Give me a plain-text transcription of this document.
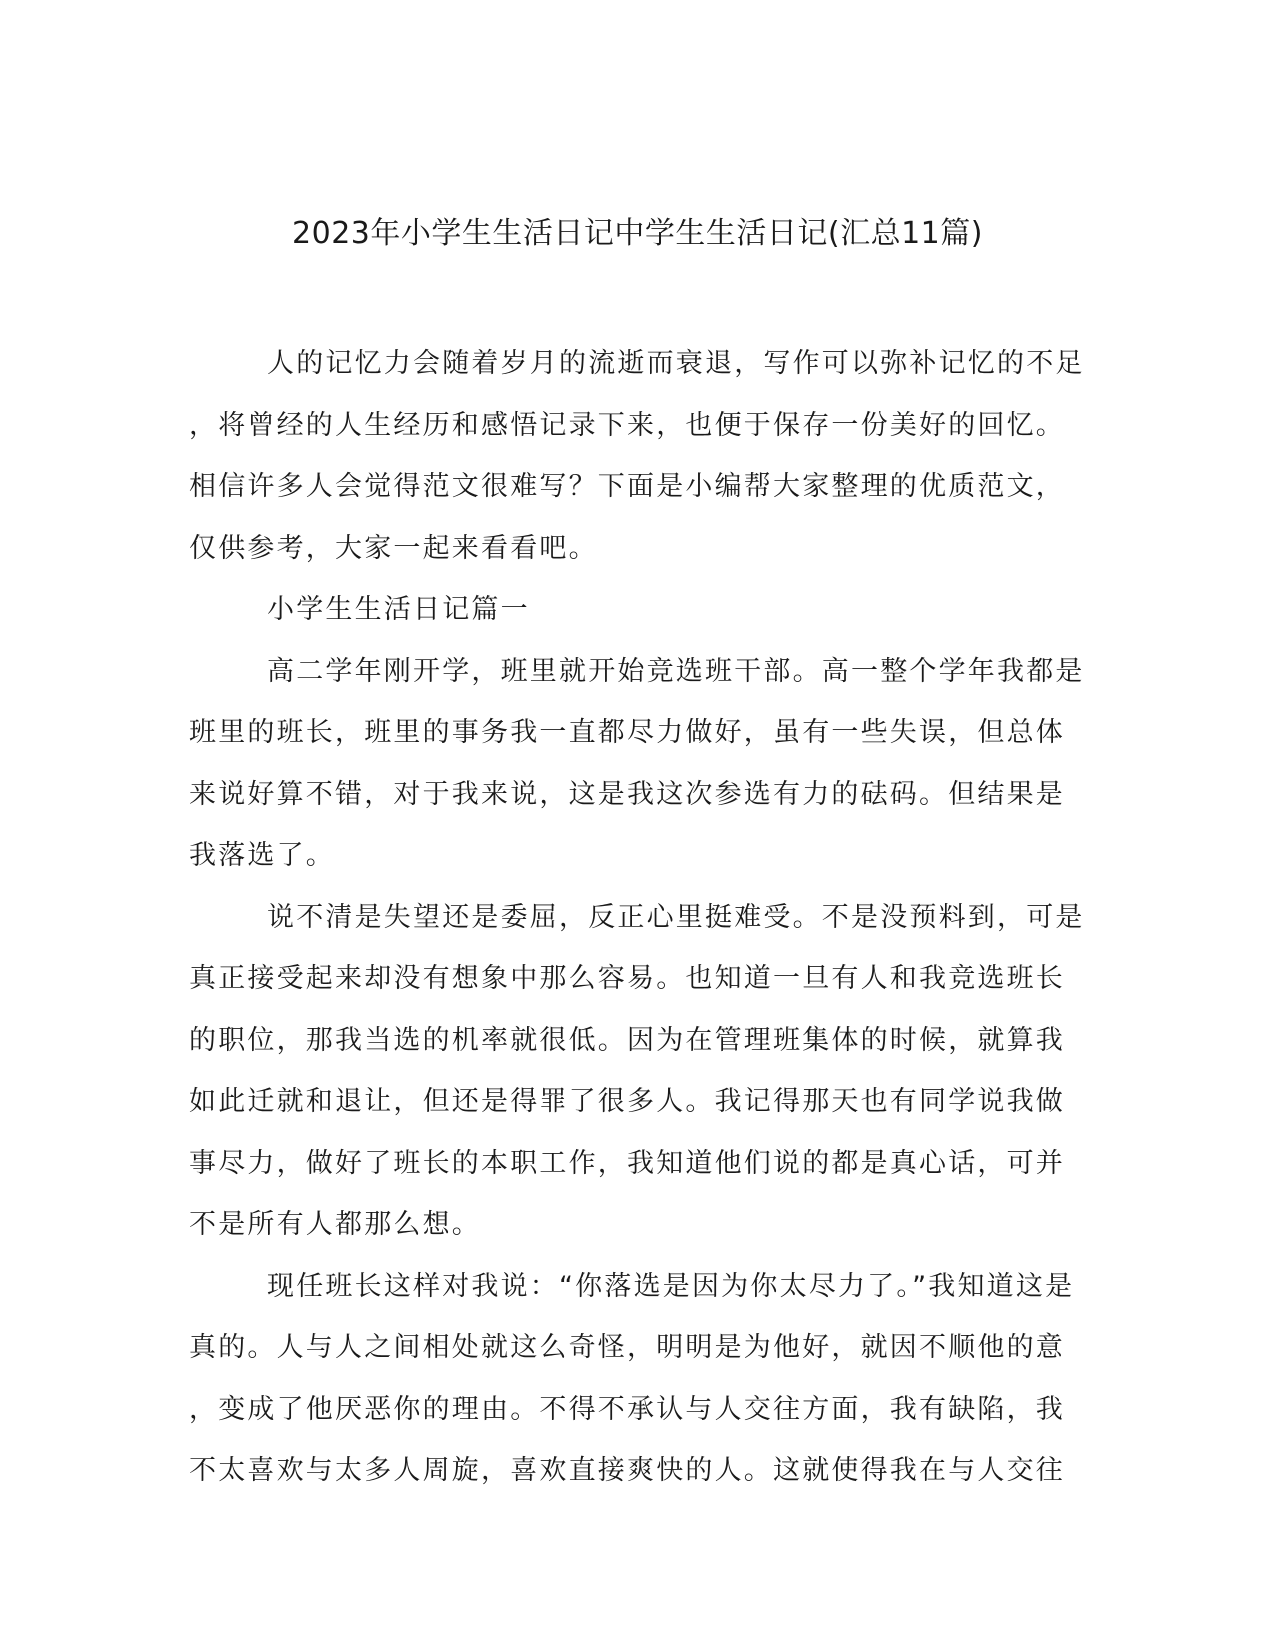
2023年小学生生活日记中学生生活日记(汇总11篇)

人的记忆力会随着岁月的流逝而衰退，写作可以弥补记忆的不足
，将曾经的人生经历和感悟记录下来，也便于保存一份美好的回忆。
相信许多人会觉得范文很难写？下面是小编帮大家整理的优质范文，
仅供参考，大家一起来看看吧。

小学生生活日记篇一

高二学年刚开学，班里就开始竞选班干部。高一整个学年我都是
班里的班长，班里的事务我一直都尽力做好，虽有一些失误，但总体
来说好算不错，对于我来说，这是我这次参选有力的砝码。但结果是
我落选了。

说不清是失望还是委屈，反正心里挺难受。不是没预料到，可是
真正接受起来却没有想象中那么容易。也知道一旦有人和我竞选班长
的职位，那我当选的机率就很低。因为在管理班集体的时候，就算我
如此迁就和退让，但还是得罪了很多人。我记得那天也有同学说我做
事尽力，做好了班长的本职工作，我知道他们说的都是真心话，可并
不是所有人都那么想。

现任班长这样对我说：“你落选是因为你太尽力了。”我知道这是
真的。人与人之间相处就这么奇怪，明明是为他好，就因不顺他的意
，变成了他厌恶你的理由。不得不承认与人交往方面，我有缺陷，我
不太喜欢与太多人周旋，喜欢直接爽快的人。这就使得我在与人交往
